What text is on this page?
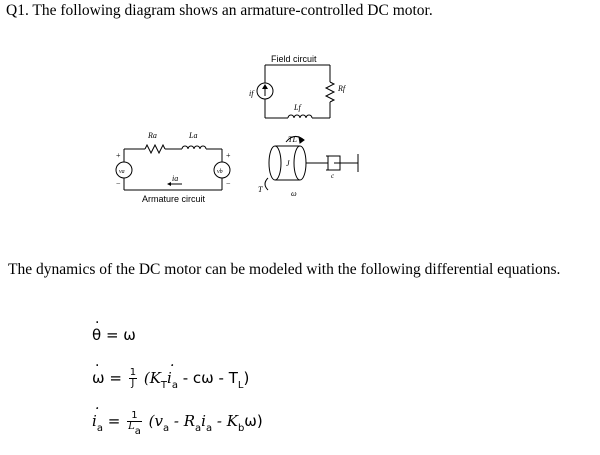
Q1. The following diagram shows an armature-controlled DC motor.
Field circuit
if
Lf
Rf
Ra	La
va	vb
ia
+
−
+
−
Armature circuit
TL
T
J
ω
c
The dynamics of the DC motor can be modeled with the following differential equations.
· θ = ω
· $\omega = \frac{1}{J} (K_T\cdot i_a - c\omega - T_L)$
· $i_a = \frac{1}{La} (v_a - R_ai_a - K_b\omega)$
